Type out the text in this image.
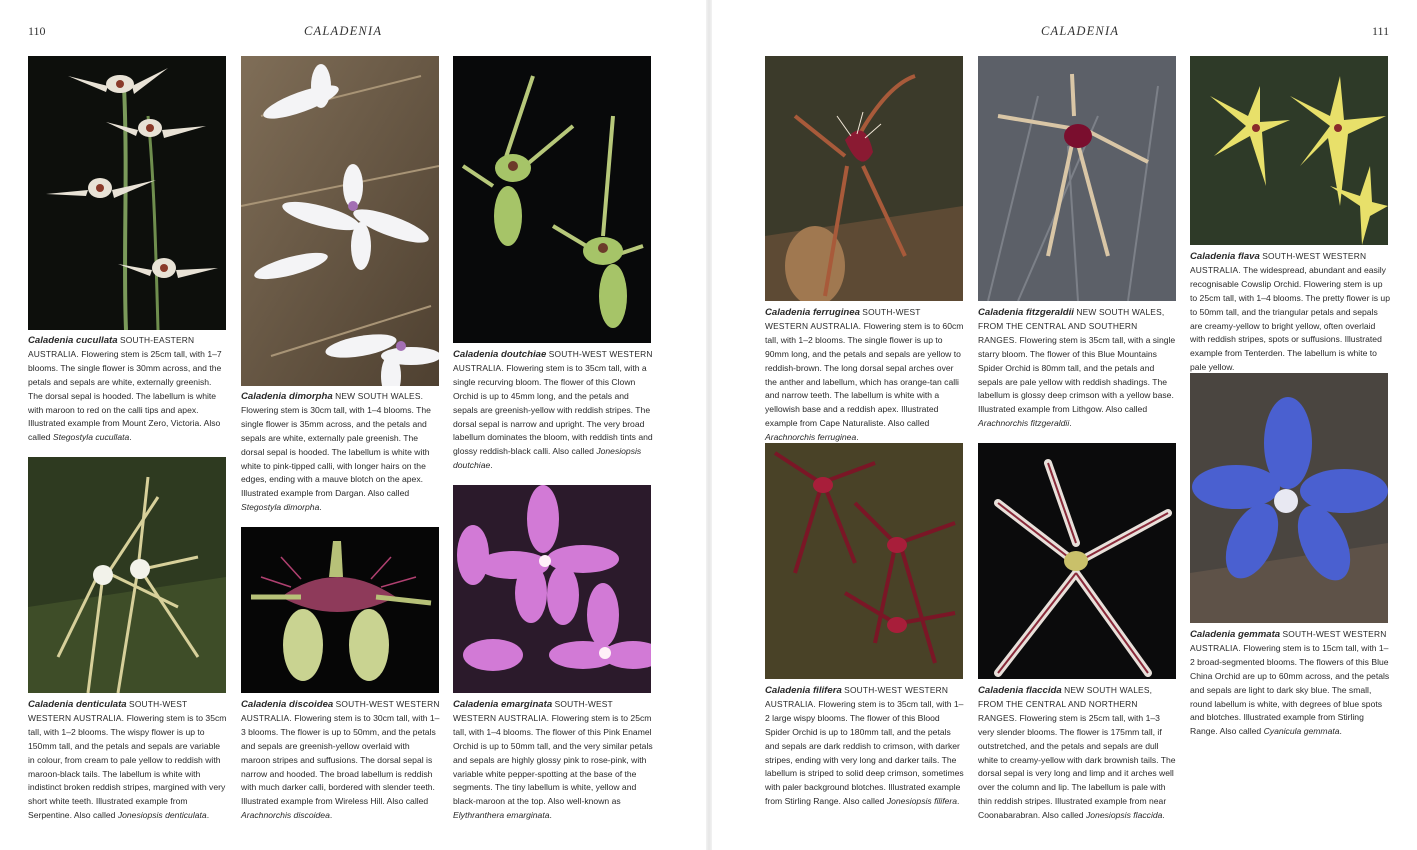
110	CALADENIA	CALADENIA	111
Caladenia cucullata SOUTH-EASTERN AUSTRALIA. Flowering stem is 25cm tall, with 1–7 blooms. The single flower is 30mm across, and the petals and sepals are white, externally greenish. The dorsal sepal is hooded. The labellum is white with maroon to red on the calli tips and apex. Illustrated example from Mount Zero, Victoria. Also called Stegostyla cucullata.
Caladenia dimorpha NEW SOUTH WALES. Flowering stem is 30cm tall, with 1–4 blooms. The single flower is 35mm across, and the petals and sepals are white, externally pale greenish. The dorsal sepal is hooded. The labellum is white with white to pink-tipped calli, with longer hairs on the edges, ending with a mauve blotch on the apex. Illustrated example from Dargan. Also called Stegostyla dimorpha.
Caladenia doutchiae SOUTH-WEST WESTERN AUSTRALIA. Flowering stem is to 35cm tall, with a single recurving bloom. The flower of this Clown Orchid is up to 45mm long, and the petals and sepals are greenish-yellow with reddish stripes. The dorsal sepal is narrow and upright. The very broad labellum dominates the bloom, with reddish tints and glossy reddish-black calli. Also called Jonesiopsis doutchiae.
Caladenia denticulata SOUTH-WEST WESTERN AUSTRALIA. Flowering stem is to 35cm tall, with 1–2 blooms. The wispy flower is up to 150mm tall, and the petals and sepals are variable in colour, from cream to pale yellow to reddish with maroon-black tails. The labellum is white with indistinct broken reddish stripes, margined with very short white teeth. Illustrated example from Serpentine. Also called Jonesiopsis denticulata.
Caladenia discoidea SOUTH-WEST WESTERN AUSTRALIA. Flowering stem is to 30cm tall, with 1–3 blooms. The flower is up to 50mm, and the petals and sepals are greenish-yellow overlaid with maroon stripes and suffusions. The dorsal sepal is narrow and hooded. The broad labellum is reddish with much darker calli, bordered with slender teeth. Illustrated example from Wireless Hill. Also called Arachnorchis discoidea.
Caladenia emarginata SOUTH-WEST WESTERN AUSTRALIA. Flowering stem is to 25cm tall, with 1–4 blooms. The flower of this Pink Enamel Orchid is up to 50mm tall, and the very similar petals and sepals are highly glossy pink to rose-pink, with variable white pepper-spotting at the base of the segments. The tiny labellum is white, yellow and black-maroon at the top. Also well-known as Elythranthera emarginata.
Caladenia ferruginea SOUTH-WEST WESTERN AUSTRALIA. Flowering stem is to 60cm tall, with 1–2 blooms. The single flower is up to 90mm long, and the petals and sepals are yellow to reddish-brown. The long dorsal sepal arches over the anther and labellum, which has orange-tan calli and narrow teeth. The labellum is white with a yellowish base and a reddish apex. Illustrated example from Cape Naturaliste. Also called Arachnorchis ferruginea.
Caladenia fitzgeraldii NEW SOUTH WALES, FROM THE CENTRAL AND SOUTHERN RANGES. Flowering stem is 35cm tall, with a single starry bloom. The flower of this Blue Mountains Spider Orchid is 80mm tall, and the petals and sepals are pale yellow with reddish shadings. The labellum is glossy deep crimson with a yellow base. Illustrated example from Lithgow. Also called Arachnorchis fitzgeraldii.
Caladenia flava SOUTH-WEST WESTERN AUSTRALIA. The widespread, abundant and easily recognisable Cowslip Orchid. Flowering stem is up to 25cm tall, with 1–4 blooms. The pretty flower is up to 50mm tall, and the triangular petals and sepals are creamy-yellow to bright yellow, often overlaid with reddish stripes, spots or suffusions. Illustrated example from Tenterden. The labellum is white to pale yellow.
Caladenia filifera SOUTH-WEST WESTERN AUSTRALIA. Flowering stem is to 35cm tall, with 1–2 large wispy blooms. The flower of this Blood Spider Orchid is up to 180mm tall, and the petals and sepals are dark reddish to crimson, with darker stripes, ending with very long and darker tails. The labellum is striped to solid deep crimson, sometimes with paler background blotches. Illustrated example from Stirling Range. Also called Jonesiopsis filifera.
Caladenia flaccida NEW SOUTH WALES, FROM THE CENTRAL AND NORTHERN RANGES. Flowering stem is 25cm tall, with 1–3 very slender blooms. The flower is 175mm tall, if outstretched, and the petals and sepals are dull white to creamy-yellow with dark brownish tails. The dorsal sepal is very long and limp and it arches well over the column and lip. The labellum is pale with thin reddish stripes. Illustrated example from near Coonabarabran. Also called Jonesiopsis flaccida.
Caladenia gemmata SOUTH-WEST WESTERN AUSTRALIA. Flowering stem is to 15cm tall, with 1–2 broad-segmented blooms. The flowers of this Blue China Orchid are up to 60mm across, and the petals and sepals are light to dark sky blue. The small, round labellum is white, with degrees of blue spots and blotches. Illustrated example from Stirling Range. Also called Cyanicula gemmata.
